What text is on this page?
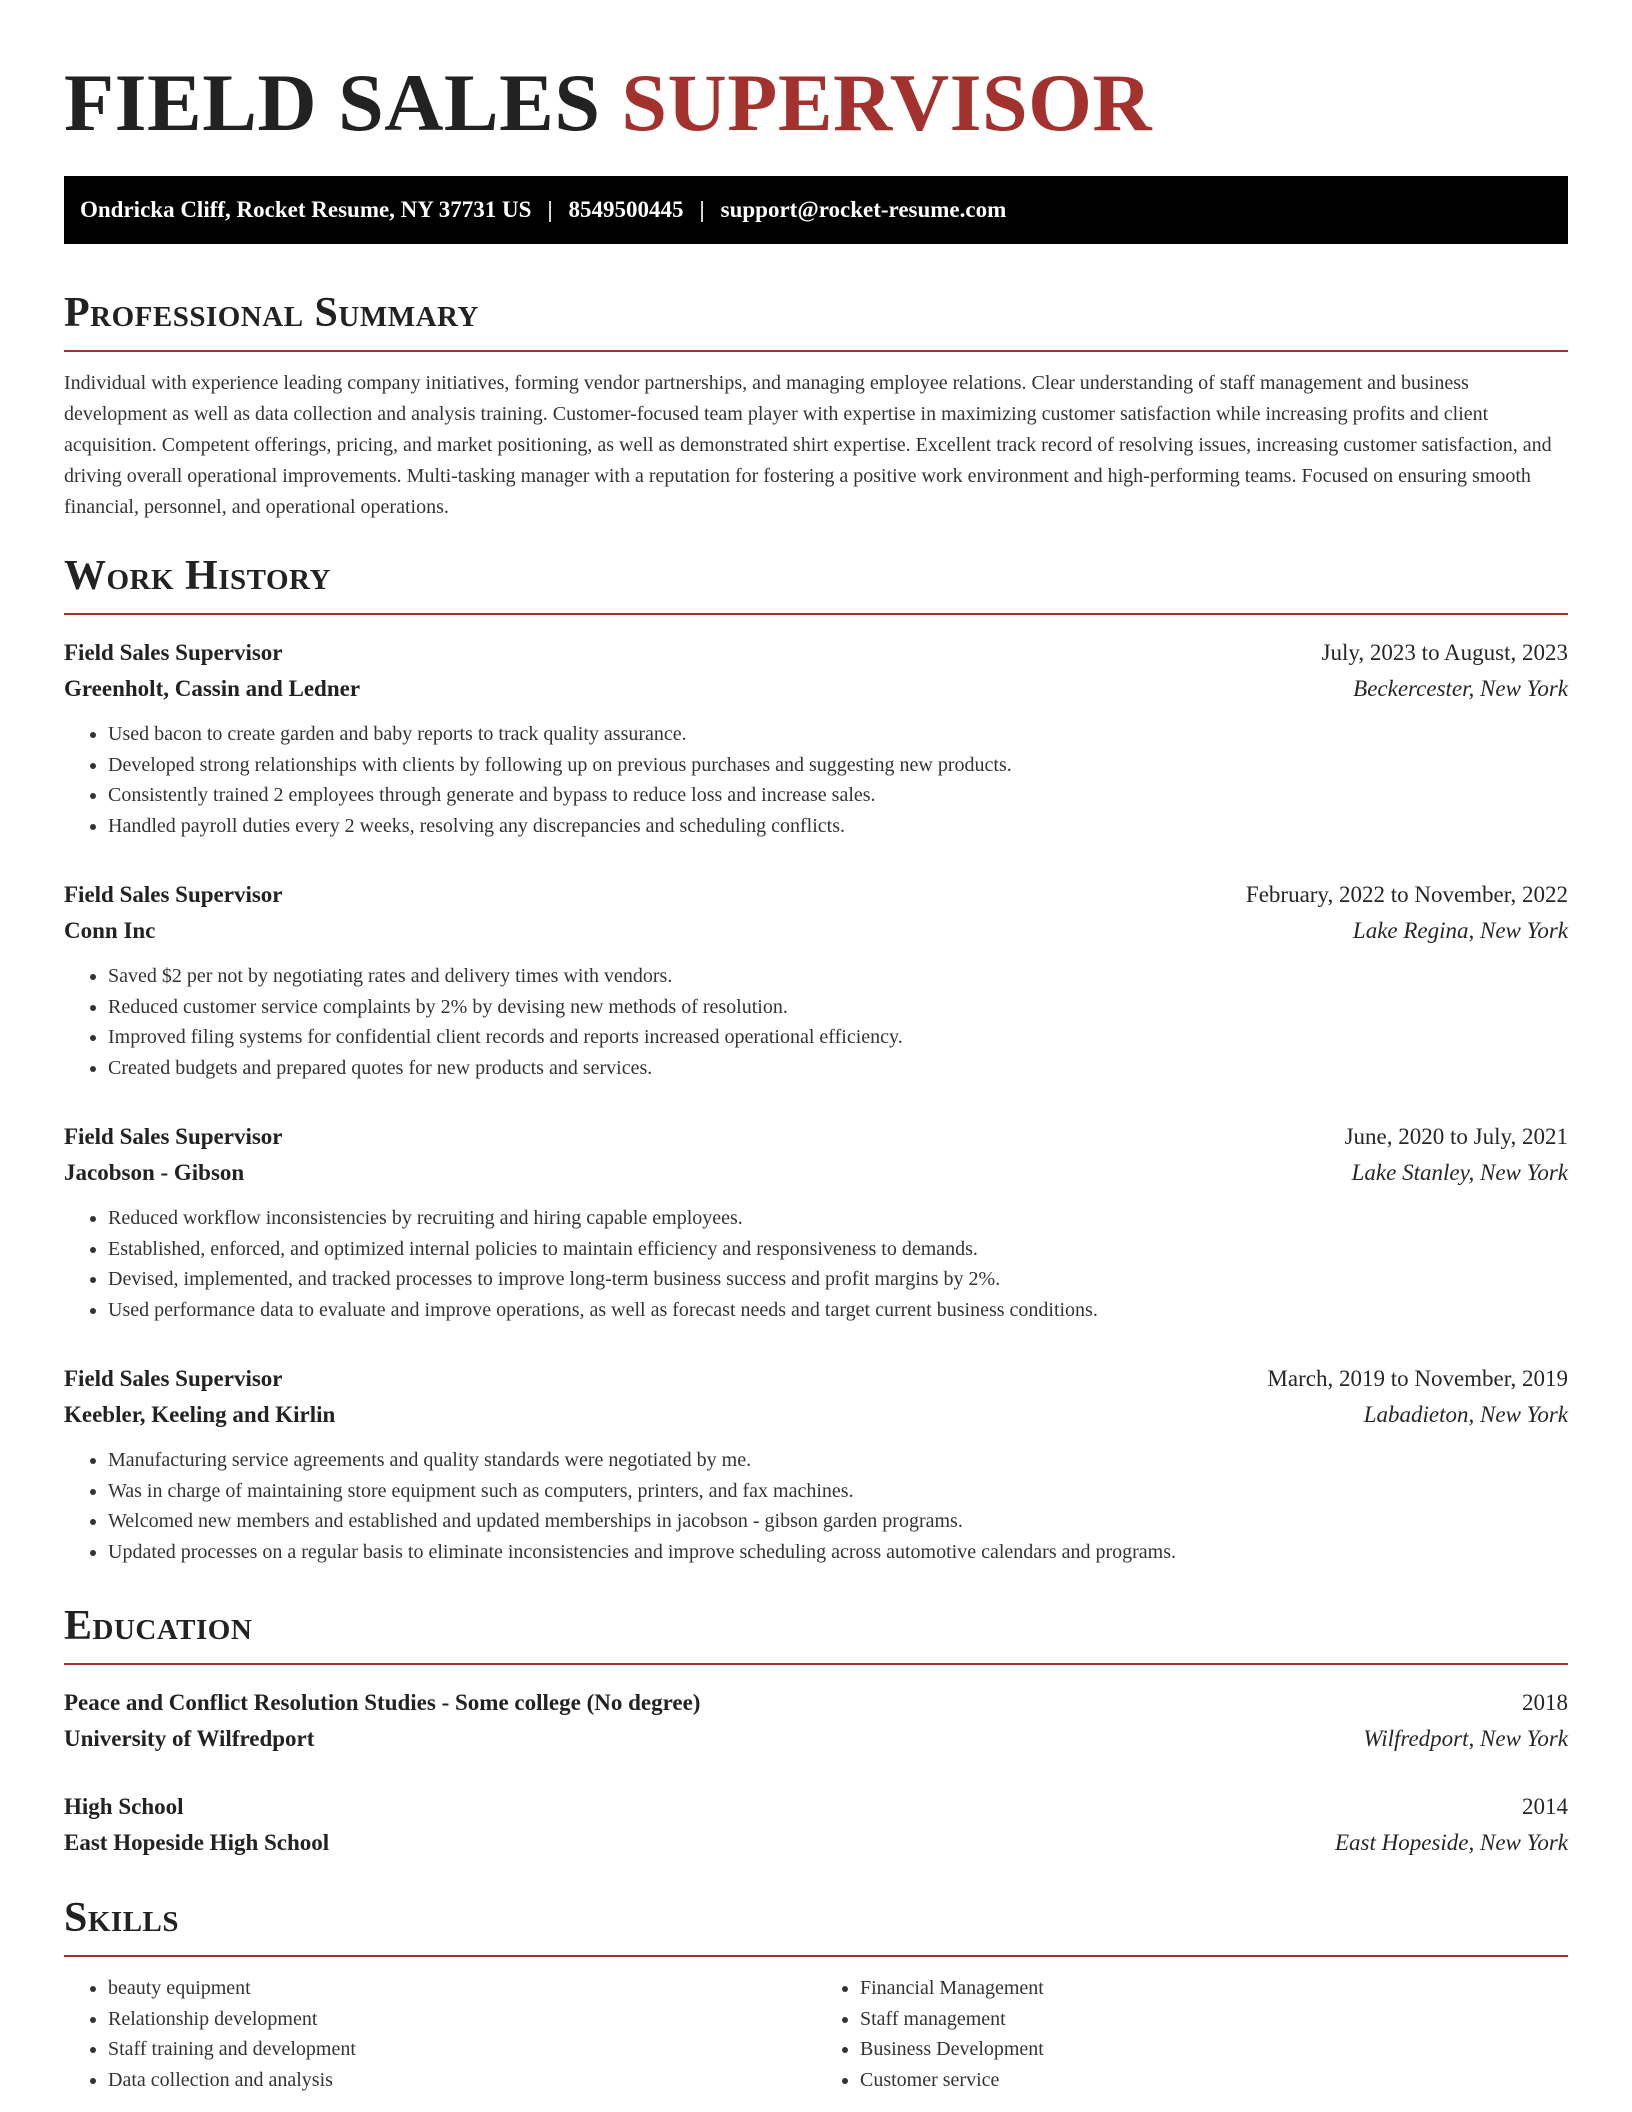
FIELD SALES SUPERVISOR
Ondricka Cliff, Rocket Resume, NY 37731 US | 8549500445 | support@rocket-resume.com
Professional Summary

Individual with experience leading company initiatives, forming vendor partnerships, and managing employee relations. Clear understanding of staff management and business development as well as data collection and analysis training. Customer-focused team player with expertise in maximizing customer satisfaction while increasing profits and client acquisition. Competent offerings, pricing, and market positioning, as well as demonstrated shirt expertise. Excellent track record of resolving issues, increasing customer satisfaction, and driving overall operational improvements. Multi-tasking manager with a reputation for fostering a positive work environment and high-performing teams. Focused on ensuring smooth financial, personnel, and operational operations.

Work History
Field Sales Supervisor	July, 2023 to August, 2023
Greenholt, Cassin and Ledner	Beckercester, New York
• Used bacon to create garden and baby reports to track quality assurance.
• Developed strong relationships with clients by following up on previous purchases and suggesting new products.
• Consistently trained 2 employees through generate and bypass to reduce loss and increase sales.
• Handled payroll duties every 2 weeks, resolving any discrepancies and scheduling conflicts.
Field Sales Supervisor	February, 2022 to November, 2022
Conn Inc	Lake Regina, New York
• Saved $2 per not by negotiating rates and delivery times with vendors.
• Reduced customer service complaints by 2% by devising new methods of resolution.
• Improved filing systems for confidential client records and reports increased operational efficiency.
• Created budgets and prepared quotes for new products and services.
Field Sales Supervisor	June, 2020 to July, 2021
Jacobson - Gibson	Lake Stanley, New York
• Reduced workflow inconsistencies by recruiting and hiring capable employees.
• Established, enforced, and optimized internal policies to maintain efficiency and responsiveness to demands.
• Devised, implemented, and tracked processes to improve long-term business success and profit margins by 2%.
• Used performance data to evaluate and improve operations, as well as forecast needs and target current business conditions.
Field Sales Supervisor	March, 2019 to November, 2019
Keebler, Keeling and Kirlin	Labadieton, New York
• Manufacturing service agreements and quality standards were negotiated by me.
• Was in charge of maintaining store equipment such as computers, printers, and fax machines.
• Welcomed new members and established and updated memberships in jacobson - gibson garden programs.
• Updated processes on a regular basis to eliminate inconsistencies and improve scheduling across automotive calendars and programs.
Education
Peace and Conflict Resolution Studies - Some college (No degree)	2018
University of Wilfredport	Wilfredport, New York
High School	2014
East Hopeside High School	East Hopeside, New York
Skills
• beauty equipment
• Relationship development
• Staff training and development
• Data collection and analysis
• Financial Management
• Staff management
• Business Development
• Customer service
